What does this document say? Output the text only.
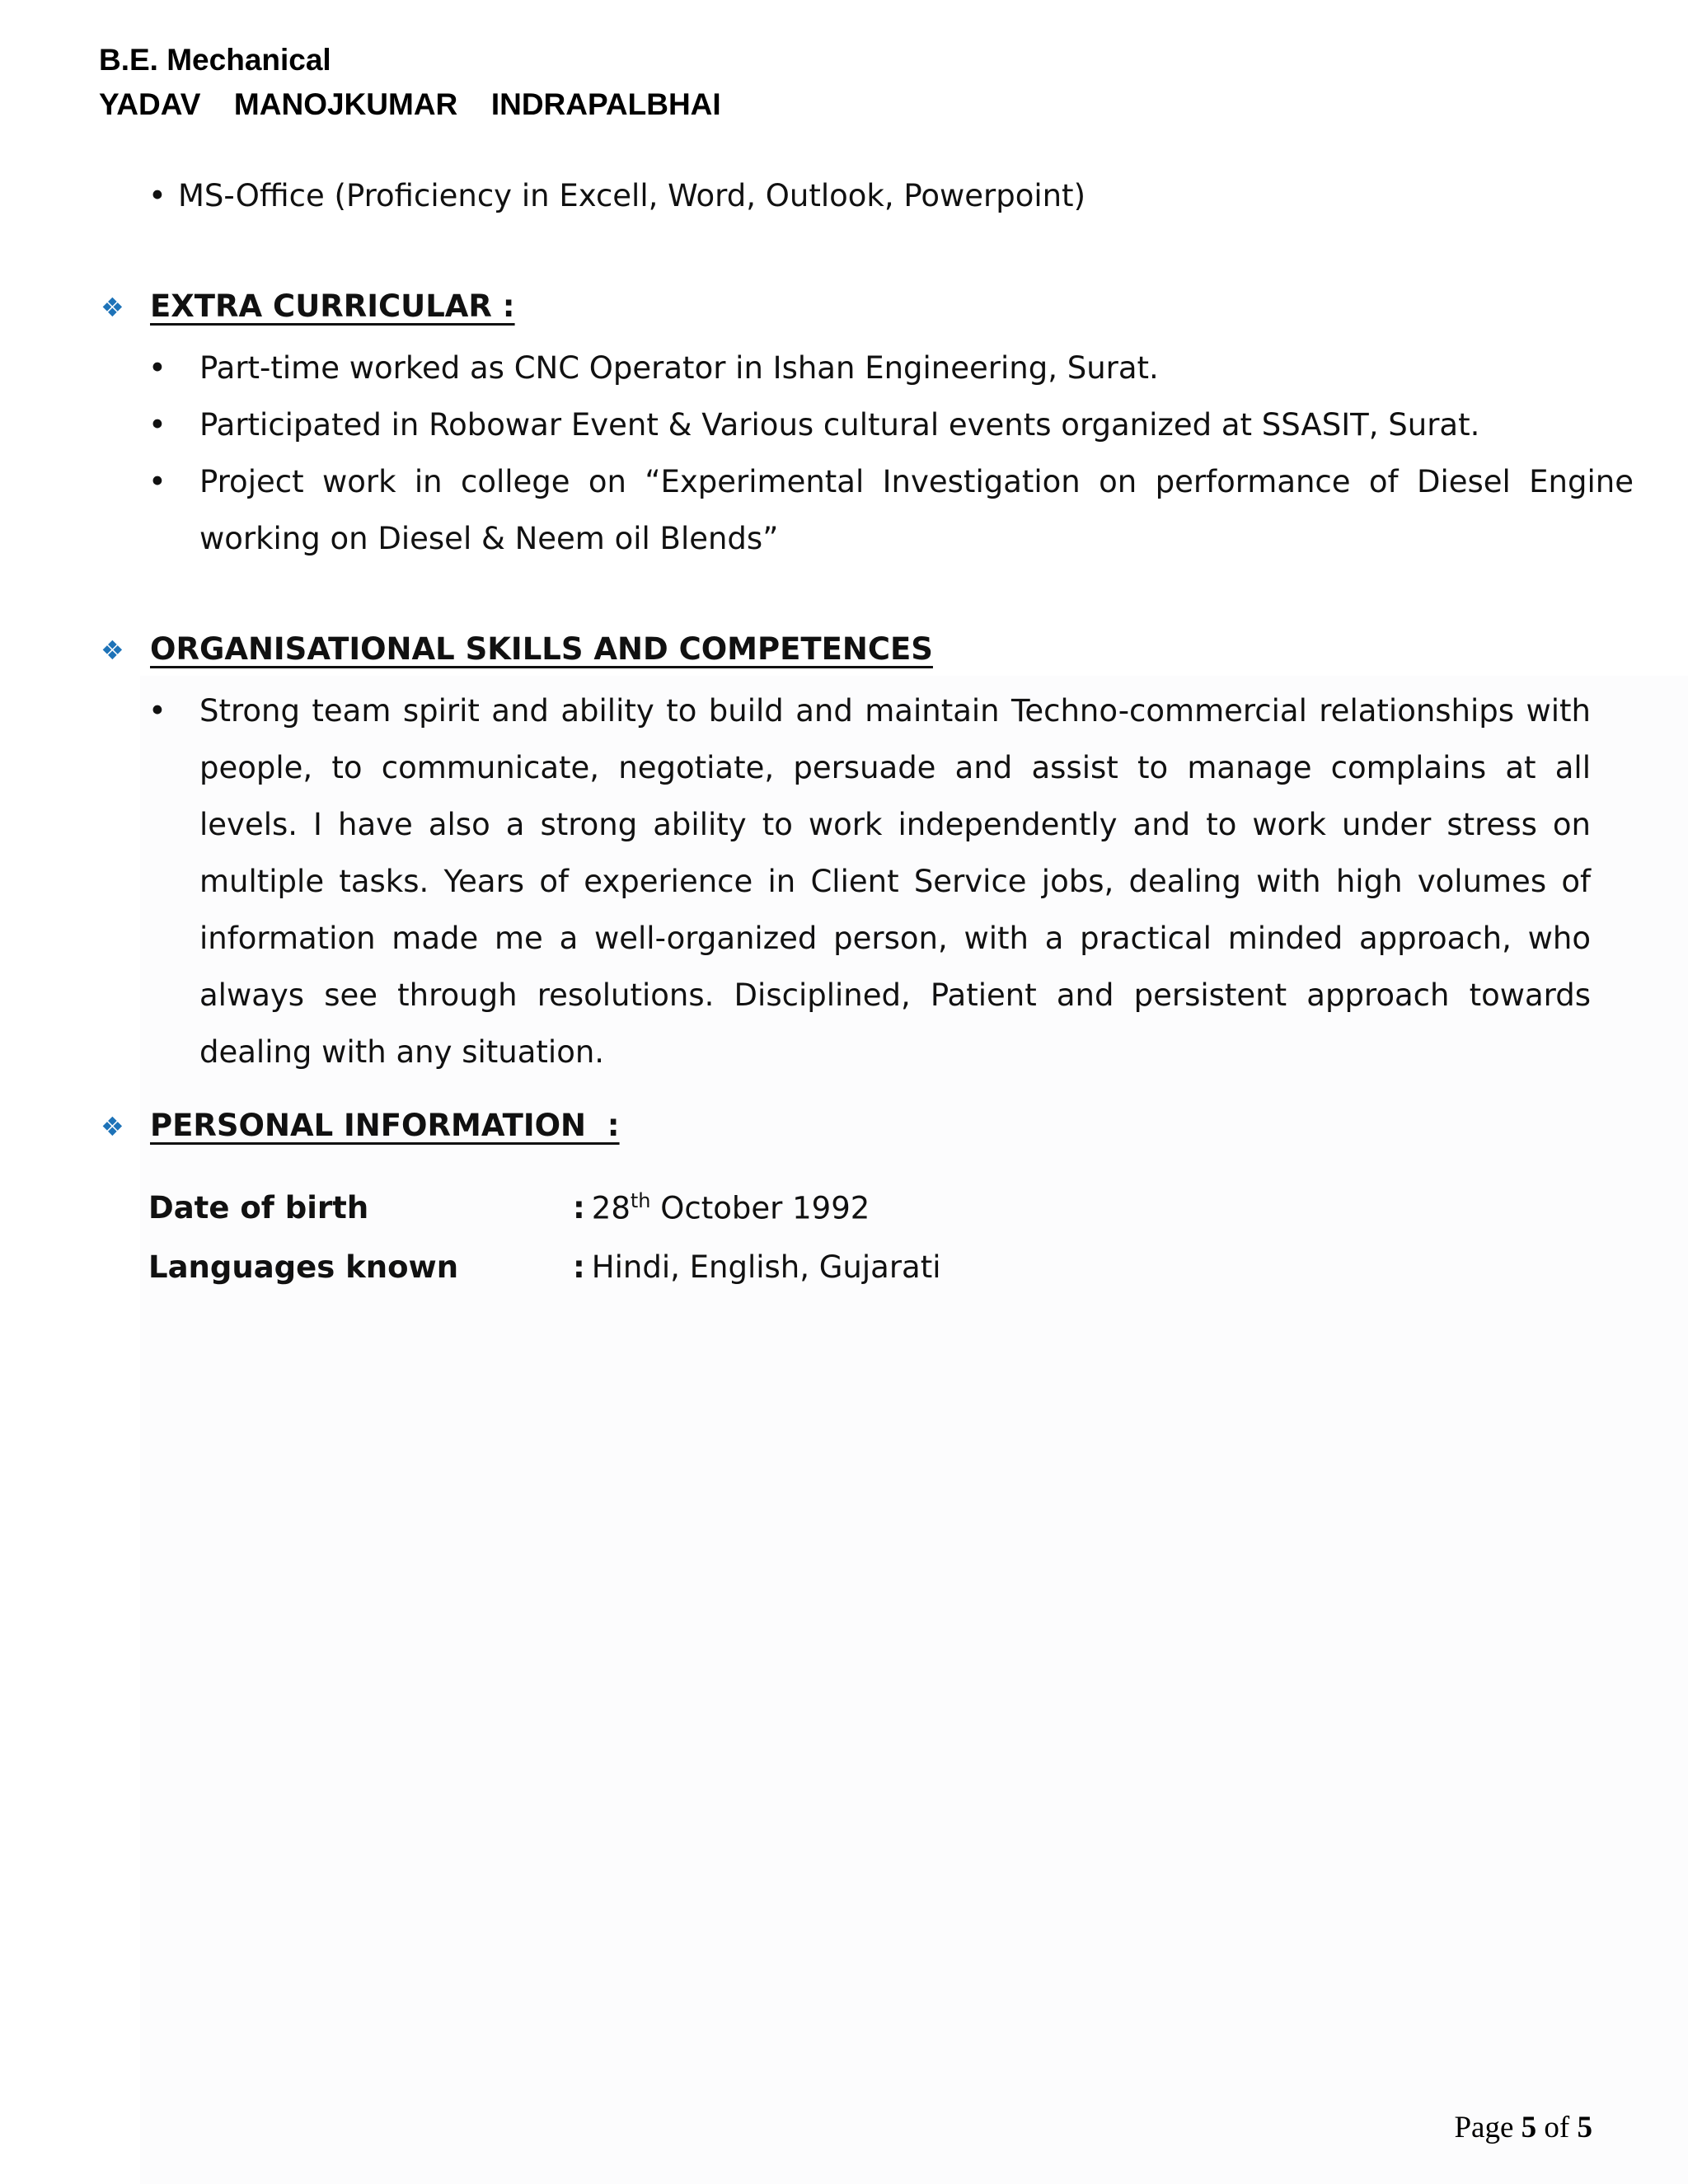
B.E. Mechanical
YADAV  MANOJKUMAR  INDRAPALBHAI
• MS-Office (Proficiency in Excell, Word, Outlook, Powerpoint)
❖ EXTRA CURRICULAR :
•	Part-time worked as CNC Operator in Ishan Engineering, Surat.
•	Participated in Robowar Event & Various cultural events organized at SSASIT, Surat.
•	Project work in college on “Experimental Investigation on performance of Diesel Engine working on Diesel & Neem oil Blends”
❖ ORGANISATIONAL SKILLS AND COMPETENCES
•	Strong team spirit and ability to build and maintain Techno-commercial relationships with people, to communicate, negotiate, persuade and assist to manage complains at all levels. I have also a strong ability to work independently and to work under stress on multiple tasks. Years of experience in Client Service jobs, dealing with high volumes of information made me a well-organized person, with a practical minded approach, who always see through resolutions. Disciplined, Patient and persistent approach towards dealing with any situation.
❖ PERSONAL INFORMATION  :
Date of birth	: 28th October 1992
Languages known	: Hindi, English, Gujarati
Page 5 of 5
